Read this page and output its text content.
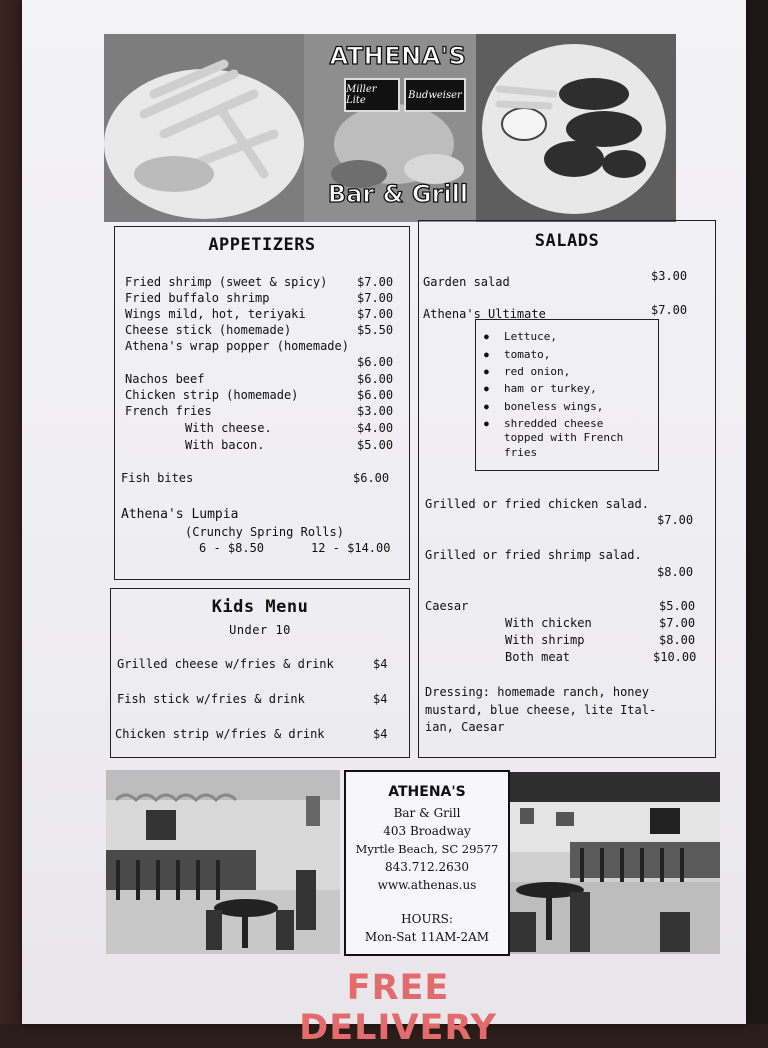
ATHENA'S
Miller Lite	Budweiser
Bar & Grill
APPETIZERS
Fried shrimp (sweet & spicy) $7.00
Fried buffalo shrimp	$7.00
Wings mild, hot, teriyaki	$7.00
Cheese stick (homemade)	$5.50
Athena's wrap popper (homemade)
$6.00
Nachos beef	$6.00
Chicken strip (homemade)	$6.00
French fries	$3.00
With cheese.	$4.00
With bacon.	$5.00
Fish bites	$6.00
Athena's Lumpia
(Crunchy Spring Rolls)
6 - $8.50	12 - $14.00
Kids Menu
Under 10
Grilled cheese w/fries & drink	$4
Fish stick w/fries & drink	$4
Chicken strip w/fries & drink	$4
SALADS
Garden salad	$3.00
Athena's Ultimate	$7.00
Lettuce,
tomato,
red onion,
ham or turkey,
boneless wings,
shredded cheese
topped with French
fries
Grilled or fried chicken salad.
$7.00
Grilled or fried shrimp salad.
$8.00
Caesar	$5.00
With chicken	$7.00
With shrimp	$8.00
Both meat	$10.00
Dressing: homemade ranch, honey
mustard, blue cheese, lite Ital-
ian, Caesar
ATHENA'S
Bar & Grill
403 Broadway
Myrtle Beach, SC 29577
843.712.2630
www.athenas.us
HOURS:
Mon-Sat 11AM-2AM
FREE DELIVERY
